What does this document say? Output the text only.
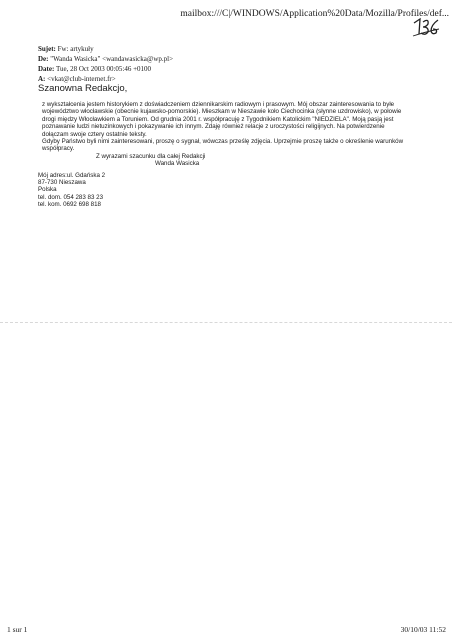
mailbox:///C|/WINDOWS/Application%20Data/Mozilla/Profiles/def...
Sujet: Fw: artykuły
De: "Wanda Wasicka" <wandawasicka@wp.pl>
Date: Tue, 28 Oct 2003 00:05:46 +0100
A: <vkat@club-internet.fr>
Szanowna Redakcjo,

z wykształcenia jestem historykiem z doświadczeniem dziennikarskim radiowym i prasowym. Mój obszar zainteresowania to byłe województwo włocławskie (obecnie kujawsko-pomorskie). Mieszkam w Nieszawie koło Ciechocinka (słynne uzdrowisko), w połowie drogi między Włocławkiem a Toruniem. Od grudnia 2001 r. współpracuję z Tygodnikiem Katolickim "NIEDZIELA". Moją pasją jest poznawanie ludzi nietuzinkowych i pokazywanie ich innym. Zdaję również relacje z uroczystości religijnych. Na potwierdzenie dołączam swoje cztery ostatnie teksty.

Gdyby Państwo byli nimi zainteresowani, proszę o sygnał, wówczas prześlę zdjęcia. Uprzejmie proszę także o określenie warunków współpracy.

Z wyrazami szacunku dla całej Redakcji

Wanda Wasicka

Mój adres:ul. Gdańska 2

87-730 Nieszawa

Polska

tel. dom. 054 283 83 23

tel. kom. 0692 698 818

1 sur 1	30/10/03 11:52
